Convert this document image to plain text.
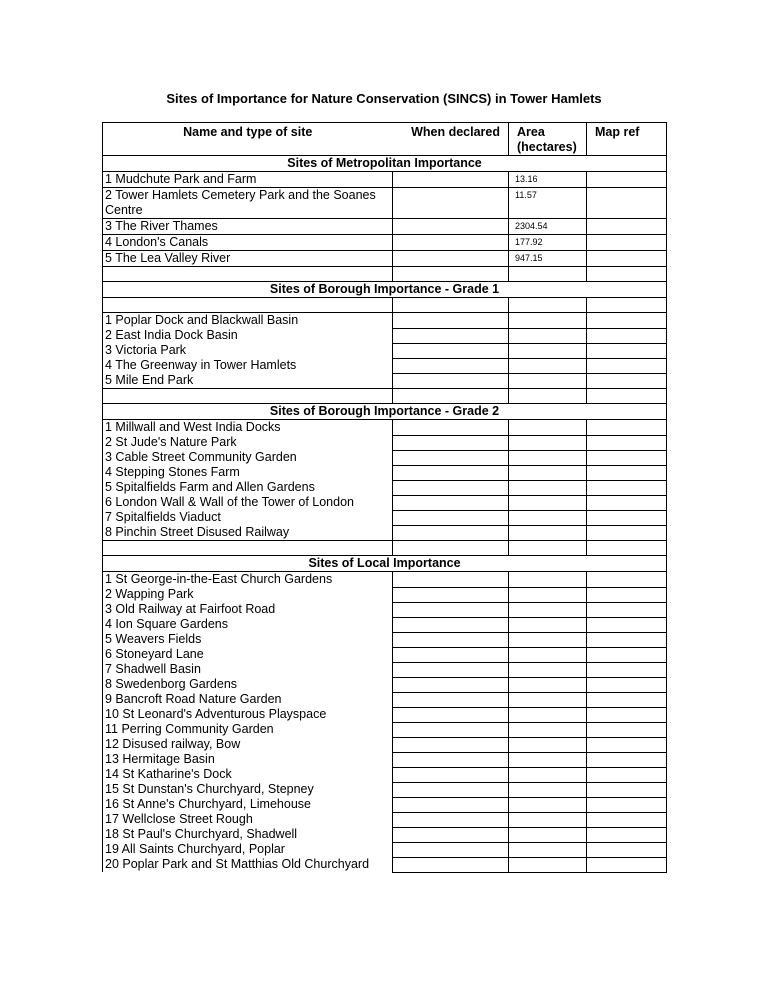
Sites of Importance for Nature Conservation (SINCS) in Tower Hamlets
Name and type of site	When declared	Area (hectares)	Map ref
Sites of Metropolitan Importance			
1 Mudchute Park and Farm		13.16	
2 Tower Hamlets Cemetery Park and the Soanes Centre		11.57	
3 The River Thames		2304.54	
4 London's Canals		177.92	
5 The Lea Valley River		947.15	

Sites of Borough Importance - Grade 1			

1 Poplar Dock and Blackwall Basin			
2 East India Dock Basin			
3 Victoria Park			
4 The Greenway in Tower Hamlets			
5 Mile End Park			

Sites of Borough Importance - Grade 2			
1 Millwall and West India Docks			
2 St Jude's Nature Park			
3 Cable Street Community Garden			
4 Stepping Stones Farm			
5 Spitalfields Farm and Allen Gardens			
6 London Wall & Wall of the Tower of London			
7 Spitalfields Viaduct			
8 Pinchin Street Disused Railway			

Sites of Local Importance			
1 St George-in-the-East Church Gardens			
2 Wapping Park			
3 Old Railway at Fairfoot Road			
4 Ion Square Gardens			
5 Weavers Fields			
6 Stoneyard Lane			
7 Shadwell Basin			
8 Swedenborg Gardens			
9 Bancroft Road Nature Garden			
10 St Leonard's Adventurous Playspace			
11 Perring Community Garden			
12 Disused railway, Bow			
13 Hermitage Basin			
14 St Katharine's Dock			
15 St Dunstan's Churchyard, Stepney			
16 St Anne's Churchyard, Limehouse			
17 Wellclose Street Rough			
18 St Paul's Churchyard, Shadwell			
19 All Saints Churchyard, Poplar			
20 Poplar Park and St Matthias Old Churchyard			
